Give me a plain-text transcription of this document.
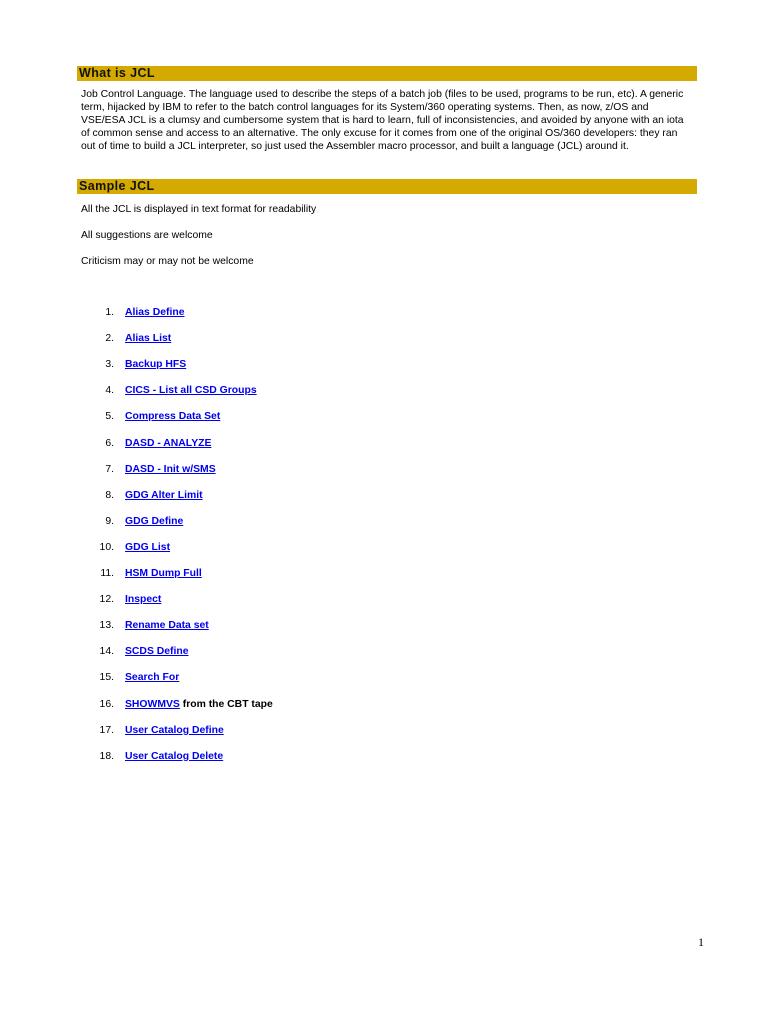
What is JCL

Job Control Language. The language used to describe the steps of a batch job (files to be used, programs to be run, etc). A generic term, hijacked by IBM to refer to the batch control languages for its System/360 operating systems. Then, as now, z/OS and VSE/ESA JCL is a clumsy and cumbersome system that is hard to learn, full of inconsistencies, and avoided by anyone with an iota of common sense and access to an alternative. The only excuse for it comes from one of the original OS/360 developers: they ran out of time to build a JCL interpreter, so just used the Assembler macro processor, and built a language (JCL) around it.

Sample JCL

All the JCL is displayed in text format for readability

All suggestions are welcome

Criticism may or may not be welcome

1. Alias Define
2. Alias List
3. Backup HFS
4. CICS - List all CSD Groups
5. Compress Data Set
6. DASD - ANALYZE
7. DASD - Init w/SMS
8. GDG Alter Limit
9. GDG Define
10. GDG List
11. HSM Dump Full
12. Inspect
13. Rename Data set
14. SCDS Define
15. Search For
16. SHOWMVS from the CBT tape
17. User Catalog Define
18. User Catalog Delete
1
